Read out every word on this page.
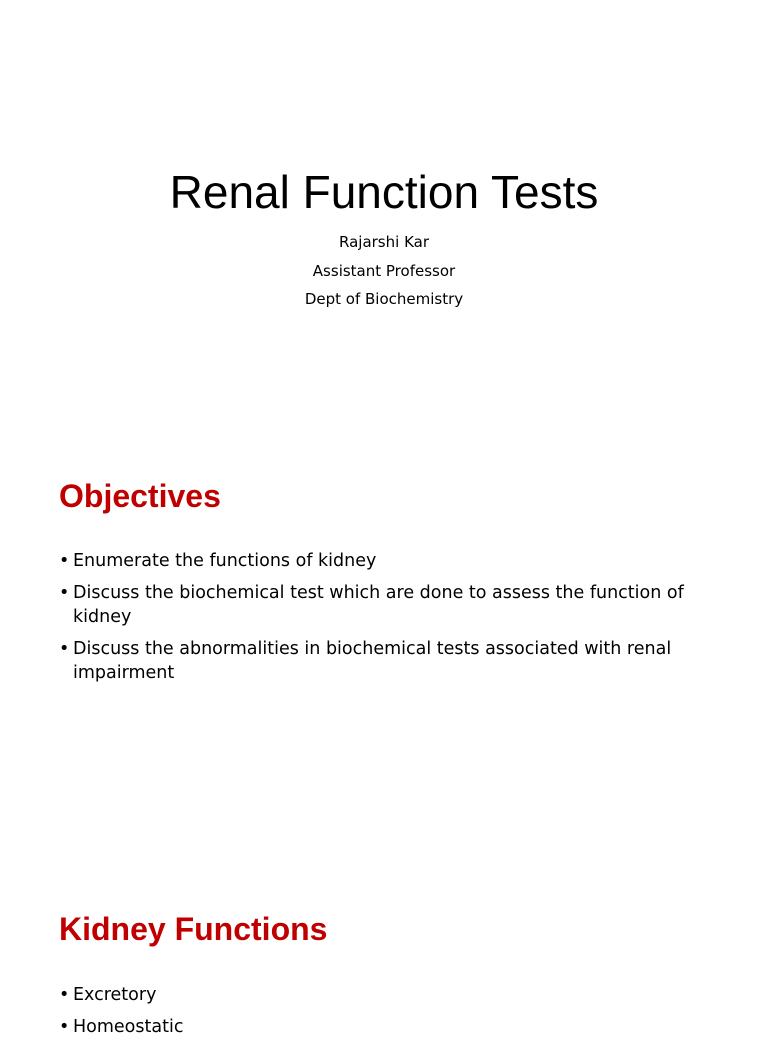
Renal Function Tests
Rajarshi Kar
Assistant Professor
Dept of Biochemistry
Objectives
• Enumerate the functions of kidney
• Discuss the biochemical test which are done to assess the function of kidney
• Discuss the abnormalities in biochemical tests associated with renal impairment
Kidney Functions
• Excretory
• Homeostatic
